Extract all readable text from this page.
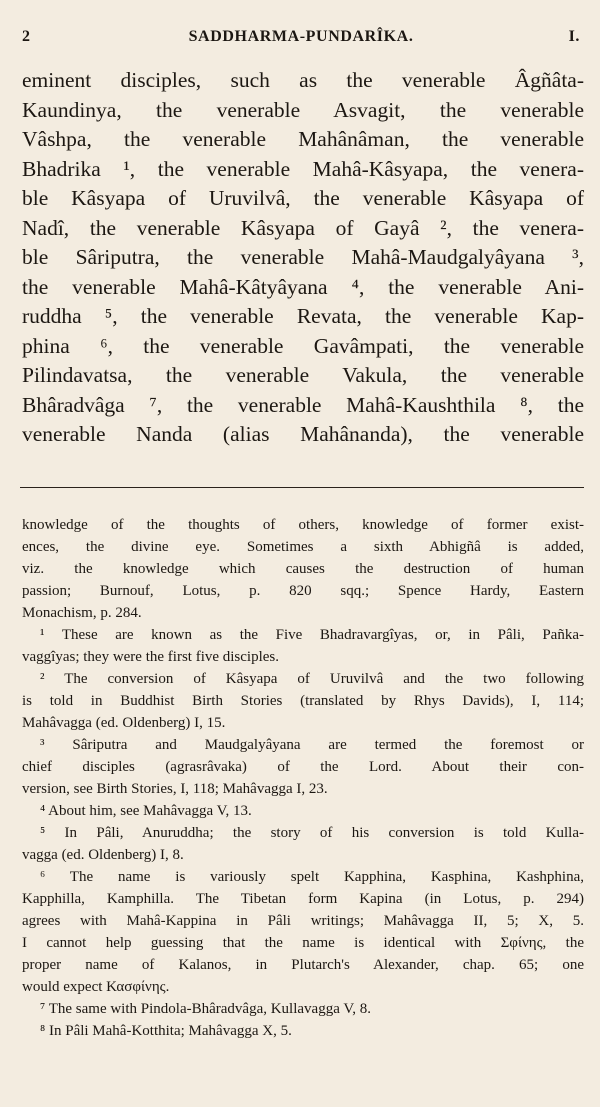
2	SADDHARMA-PUNDARÎKA.	I.
eminent disciples, such as the venerable Âgñâta-
Kaundinya, the venerable Asvagit, the venerable
Vâshpa, the venerable Mahânâman, the venerable
Bhadrika ¹, the venerable Mahâ-Kâsyapa, the venera-
ble Kâsyapa of Uruvilvâ, the venerable Kâsyapa of
Nadî, the venerable Kâsyapa of Gayâ ², the venera-
ble Sâriputra, the venerable Mahâ-Maudgalyâyana ³,
the venerable Mahâ-Kâtyâyana ⁴, the venerable Ani-
ruddha ⁵, the venerable Revata, the venerable Kap-
phina ⁶, the venerable Gavâmpati, the venerable
Pilindavatsa, the venerable Vakula, the venerable
Bhâradvâga ⁷, the venerable Mahâ-Kaushthila ⁸, the
venerable Nanda (alias Mahânanda), the venerable
knowledge of the thoughts of others, knowledge of former exist-
ences, the divine eye. Sometimes a sixth Abhigñâ is added,
viz. the knowledge which causes the destruction of human
passion; Burnouf, Lotus, p. 820 sqq.; Spence Hardy, Eastern
Monachism, p. 284.
¹ These are known as the Five Bhadravargîyas, or, in Pâli, Pañka-
vaggîyas; they were the first five disciples.
² The conversion of Kâsyapa of Uruvilvâ and the two following
is told in Buddhist Birth Stories (translated by Rhys Davids), I, 114;
Mahâvagga (ed. Oldenberg) I, 15.
³ Sâriputra and Maudgalyâyana are termed the foremost or
chief disciples (agrasrâvaka) of the Lord. About their con-
version, see Birth Stories, I, 118; Mahâvagga I, 23.
⁴ About him, see Mahâvagga V, 13.
⁵ In Pâli, Anuruddha; the story of his conversion is told Kulla-
vagga (ed. Oldenberg) I, 8.
⁶ The name is variously spelt Kapphina, Kasphina, Kashphina,
Kapphilla, Kamphilla. The Tibetan form Kapina (in Lotus, p. 294)
agrees with Mahâ-Kappina in Pâli writings; Mahâvagga II, 5; X, 5.
I cannot help guessing that the name is identical with Σφίνης, the
proper name of Kalanos, in Plutarch's Alexander, chap. 65; one
would expect Κασφίνης.
⁷ The same with Pindola-Bhâradvâga, Kullavagga V, 8.
⁸ In Pâli Mahâ-Kotthita; Mahâvagga X, 5.
